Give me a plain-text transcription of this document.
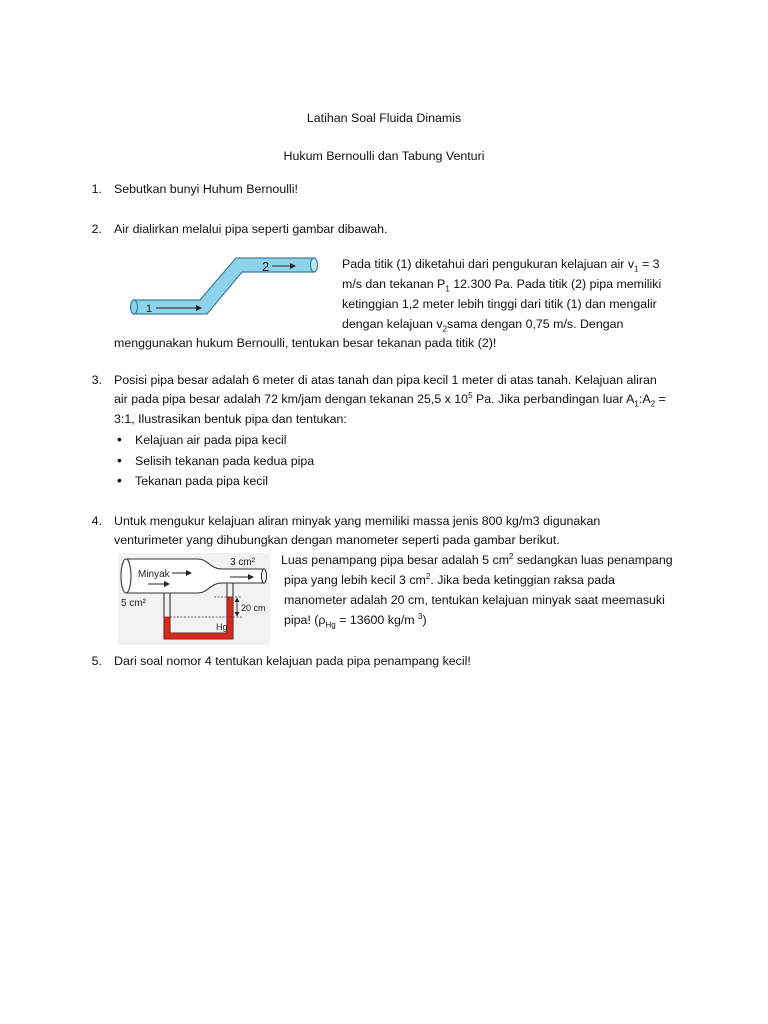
Latihan Soal Fluida Dinamis
Hukum Bernoulli dan Tabung Venturi
1. Sebutkan bunyi Huhum Bernoulli!
2. Air dialirkan melalui pipa seperti gambar dibawah.
1
2	Pada titik (1) diketahui dari pengukuran kelajuan air $v_1 = 3$
m/s dan tekanan $P_1$ 12.300 Pa. Pada titik (2) pipa memiliki
ketinggian 1,2 meter lebih tinggi dari titik (1) dan mengalir
dengan kelajuan $v_2sama$ dengan 0,75 m/s. Dengan
menggunakan hukum Bernoulli, tentukan besar tekanan pada titik (2)!
3. Posisi pipa besar adalah 6 meter di atas tanah dan pipa kecil 1 meter di atas tanah. Kelajuan aliran
air pada pipa besar adalah 72 km/jam dengan tekanan 25,5 x $10^5$ Pa. Jika perbandingan luar $A_1:A_2$ =
3:1, Ilustrasikan bentuk pipa dan tentukan:
• Kelajuan air pada pipa kecil
• Selisih tekanan pada kedua pipa
• Tekanan pada pipa kecil
4. Untuk mengukur kelajuan aliran minyak yang memiliki massa jenis 800 kg/m3 digunakan
venturimeter yang dihubungkan dengan manometer seperti pada gambar berikut.
Minyak
3 cm²
5 cm²	20 cm
Hg
Luas penampang pipa besar adalah 5 $cm^2$ sedangkan luas penampang
pipa yang lebih kecil 3 $cm^2$. Jika beda ketinggian raksa pada
manometer adalah 20 cm, tentukan kelajuan minyak saat meemasuki
pipa! ($\rho_{Hg} = 13600$ kg/m $^3$)
5. Dari soal nomor 4 tentukan kelajuan pada pipa penampang kecil!
